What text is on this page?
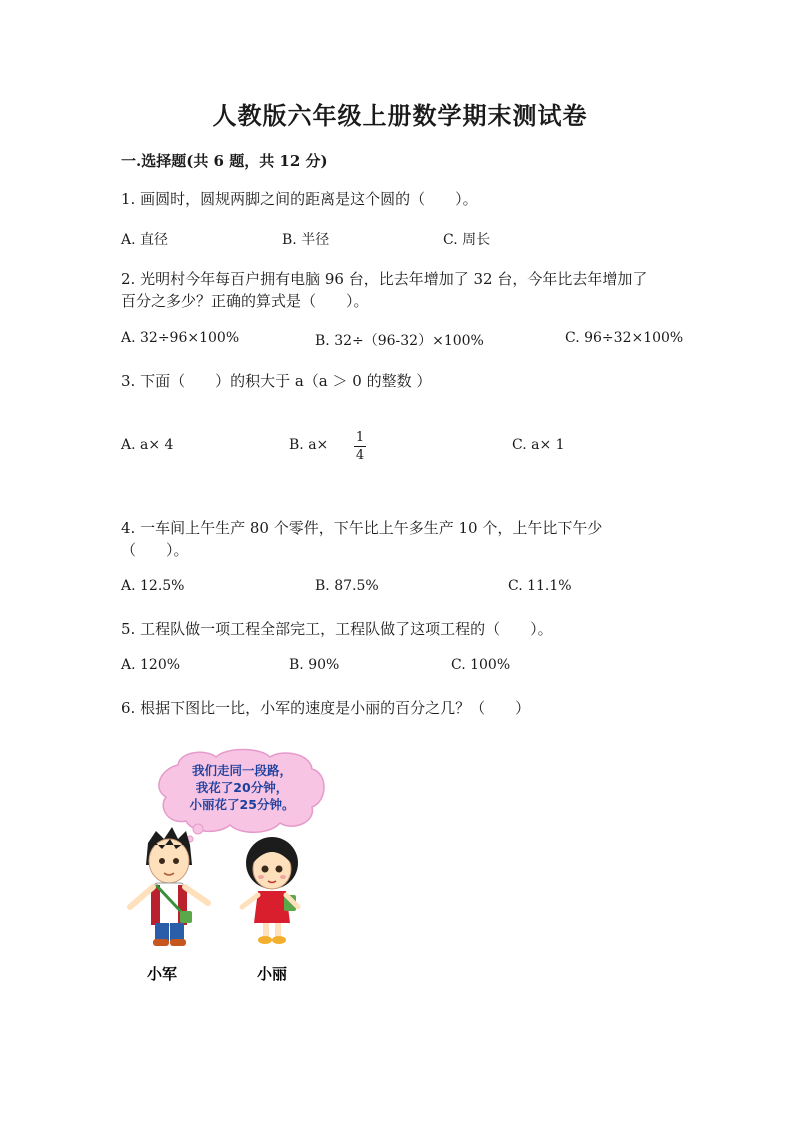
人教版六年级上册数学期末测试卷
一.选择题(共 6 题，共 12 分)
1. 画圆时，圆规两脚之间的距离是这个圆的（　　）。
A. 直径	B. 半径	C. 周长
2. 光明村今年每百户拥有电脑 96 台，比去年增加了 32 台，今年比去年增加了
百分之多少？正确的算式是（　　）。
A. 32÷96×100%	B. 32÷（96-32）×100%	C. 96÷32×100%
3. 下面（　　）的积大于 a（a ＞ 0 的整数 ）
A. a× 4	B. a× 1
4
C. a× 1
4. 一车间上午生产 80 个零件，下午比上午多生产 10 个，上午比下午少
（　　）。
A. 12.5%	B. 87.5%	C. 11.1%
5. 工程队做一项工程全部完工，工程队做了这项工程的（　　）。
A. 120%	B. 90%	C. 100%
6. 根据下图比一比，小军的速度是小丽的百分之几？（　　）
我们走同一段路，
我花了20分钟，
小丽花了25分钟。
小军	小丽
